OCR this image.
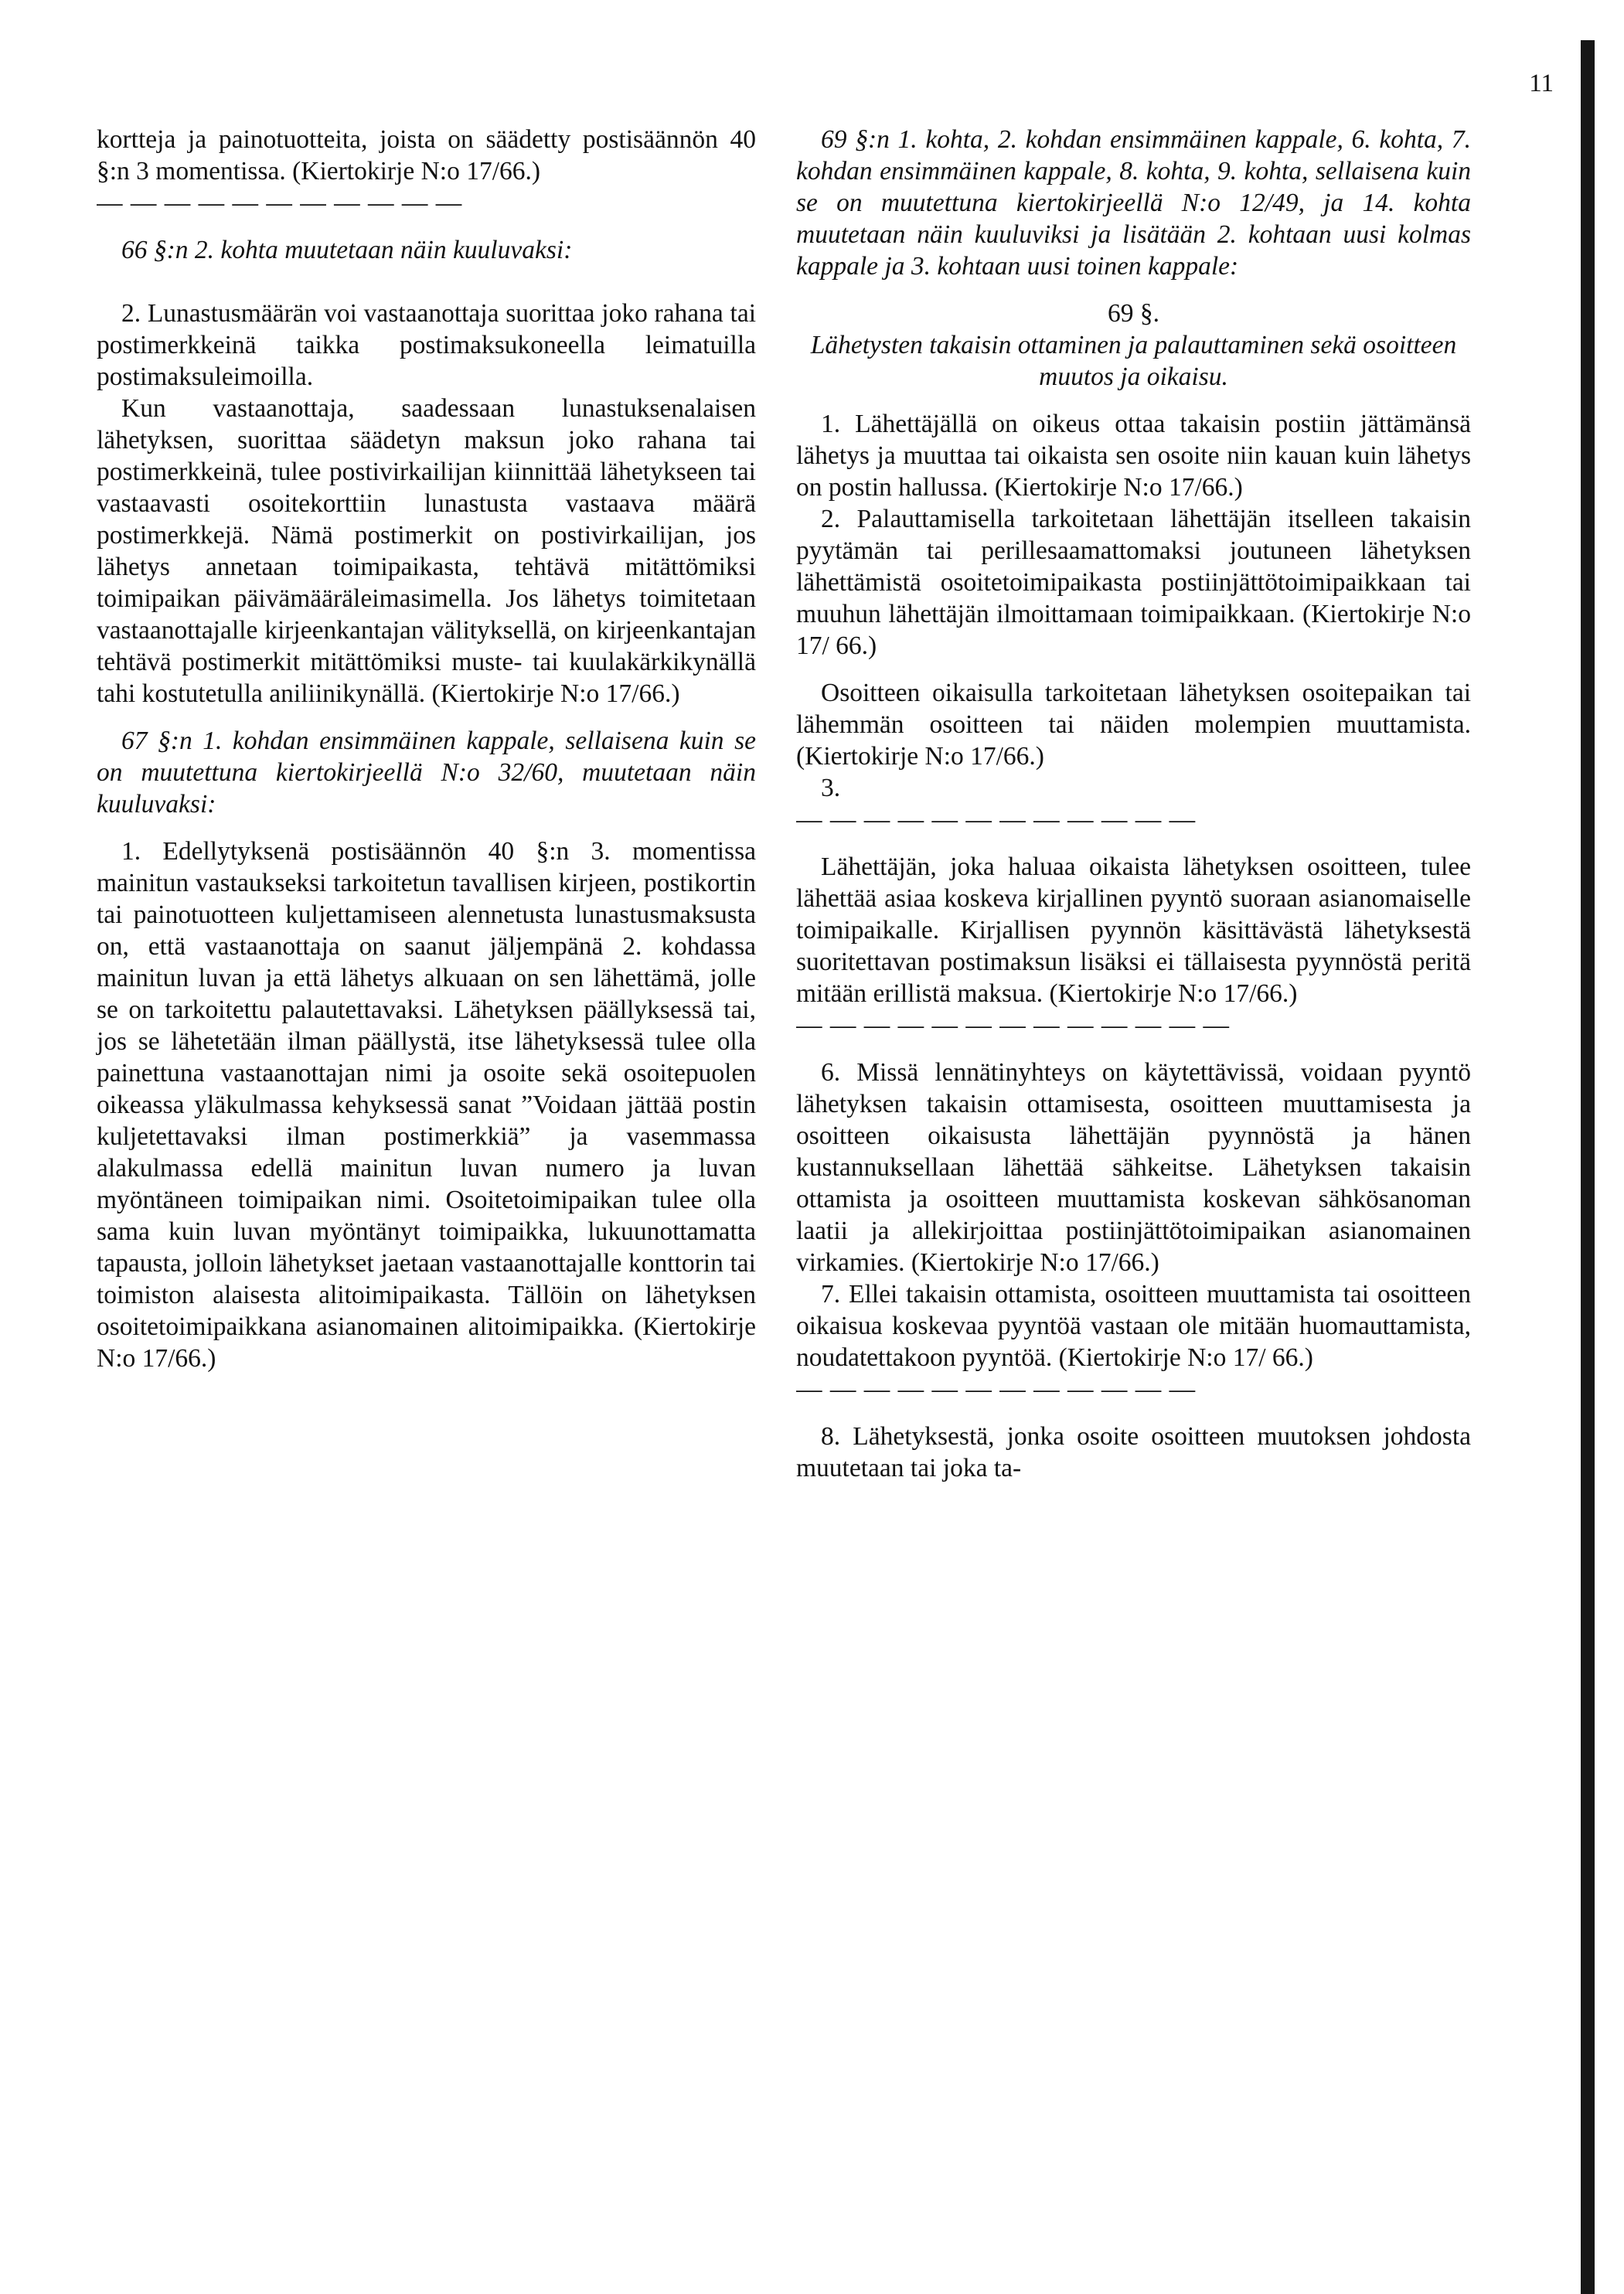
11

kortteja ja painotuotteita, joista on säädetty postisäännön 40 §:n 3 momentissa. (Kiertokirje N:o 17/66.)

— — — — — — — — — — —

66 §:n 2. kohta muutetaan näin kuuluvaksi:

2. Lunastusmäärän voi vastaanottaja suorittaa joko rahana tai postimerkkeinä taikka postimaksukoneella leimatuilla postimaksuleimoilla.

Kun vastaanottaja, saadessaan lunastuksenalaisen lähetyksen, suorittaa säädetyn maksun joko rahana tai postimerkkeinä, tulee postivirkailijan kiinnittää lähetykseen tai vastaavasti osoitekorttiin lunastusta vastaava määrä postimerkkejä. Nämä postimerkit on postivirkailijan, jos lähetys annetaan toimipaikasta, tehtävä mitättömiksi toimipaikan päivämääräleimasimella. Jos lähetys toimitetaan vastaanottajalle kirjeenkantajan välityksellä, on kirjeenkantajan tehtävä postimerkit mitättömiksi muste- tai kuulakärkikynällä tahi kostutetulla aniliinikynällä. (Kiertokirje N:o 17/66.)

67 §:n 1. kohdan ensimmäinen kappale, sellaisena kuin se on muutettuna kiertokirjeellä N:o 32/60, muutetaan näin kuuluvaksi:

1. Edellytyksenä postisäännön 40 §:n 3. momentissa mainitun vastaukseksi tarkoitetun tavallisen kirjeen, postikortin tai painotuotteen kuljettamiseen alennetusta lunastusmaksusta on, että vastaanottaja on saanut jäljempänä 2. kohdassa mainitun luvan ja että lähetys alkuaan on sen lähettämä, jolle se on tarkoitettu palautettavaksi. Lähetyksen päällyksessä tai, jos se lähetetään ilman päällystä, itse lähetyksessä tulee olla painettuna vastaanottajan nimi ja osoite sekä osoitepuolen oikeassa yläkulmassa kehyksessä sanat ”Voidaan jättää postin kuljetettavaksi ilman postimerkkiä” ja vasemmassa alakulmassa edellä mainitun luvan numero ja luvan myöntäneen toimipaikan nimi. Osoitetoimipaikan tulee olla sama kuin luvan myöntänyt toimipaikka, lukuunottamatta tapausta, jolloin lähetykset jaetaan vastaanottajalle konttorin tai toimiston alaisesta alitoimipaikasta. Tällöin on lähetyksen osoitetoimipaikkana asianomainen alitoimipaikka. (Kiertokirje N:o 17/66.)

69 §:n 1. kohta, 2. kohdan ensimmäinen kappale, 6. kohta, 7. kohdan ensimmäinen kappale, 8. kohta, 9. kohta, sellaisena kuin se on muutettuna kiertokirjeellä N:o 12/49, ja 14. kohta muutetaan näin kuuluviksi ja lisätään 2. kohtaan uusi kolmas kappale ja 3. kohtaan uusi toinen kappale:

69 §.

Lähetysten takaisin ottaminen ja palauttaminen sekä osoitteen muutos ja oikaisu.

1. Lähettäjällä on oikeus ottaa takaisin postiin jättämänsä lähetys ja muuttaa tai oikaista sen osoite niin kauan kuin lähetys on postin hallussa. (Kiertokirje N:o 17/66.)

2. Palauttamisella tarkoitetaan lähettäjän itselleen takaisin pyytämän tai perillesaamattomaksi joutuneen lähetyksen lähettämistä osoitetoimipaikasta postiinjättötoimipaikkaan tai muuhun lähettäjän ilmoittamaan toimipaikkaan. (Kiertokirje N:o 17/ 66.)

Osoitteen oikaisulla tarkoitetaan lähetyksen osoitepaikan tai lähemmän osoitteen tai näiden molempien muuttamista. (Kiertokirje N:o 17/66.)

3.

— — — — — — — — — — — —

Lähettäjän, joka haluaa oikaista lähetyksen osoitteen, tulee lähettää asiaa koskeva kirjallinen pyyntö suoraan asianomaiselle toimipaikalle. Kirjallisen pyynnön käsittävästä lähetyksestä suoritettavan postimaksun lisäksi ei tällaisesta pyynnöstä peritä mitään erillistä maksua. (Kiertokirje N:o 17/66.)

— — — — — — — — — — — — —

6. Missä lennätinyhteys on käytettävissä, voidaan pyyntö lähetyksen takaisin ottamisesta, osoitteen muuttamisesta ja osoitteen oikaisusta lähettäjän pyynnöstä ja hänen kustannuksellaan lähettää sähkeitse. Lähetyksen takaisin ottamista ja osoitteen muuttamista koskevan sähkösanoman laatii ja allekirjoittaa postiinjättötoimipaikan asianomainen virkamies. (Kiertokirje N:o 17/66.)

7. Ellei takaisin ottamista, osoitteen muuttamista tai osoitteen oikaisua koskevaa pyyntöä vastaan ole mitään huomauttamista, noudatettakoon pyyntöä. (Kiertokirje N:o 17/ 66.)

— — — — — — — — — — — —

8. Lähetyksestä, jonka osoite osoitteen muutoksen johdosta muutetaan tai joka ta-
